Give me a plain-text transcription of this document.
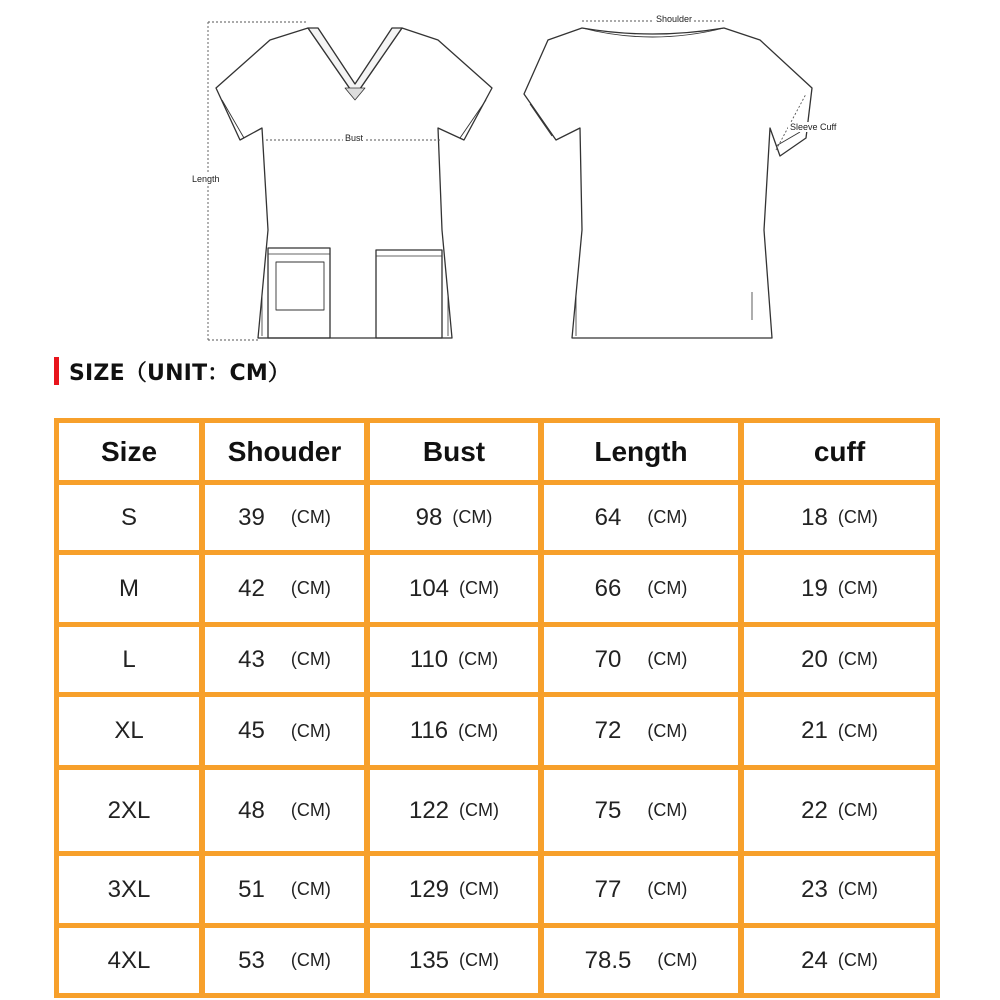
Bust
Length
Shoulder
Sleeve Cuff
SIZE（UNIT：CM）
Size	Shouder	Bust	Length	cuff
S	39 (CM)	98 (CM)	64 (CM)	18 (CM)
M	42 (CM)	104 (CM)	66 (CM)	19 (CM)
L	43 (CM)	110 (CM)	70 (CM)	20 (CM)
XL	45 (CM)	116 (CM)	72 (CM)	21 (CM)
2XL	48 (CM)	122 (CM)	75 (CM)	22 (CM)
3XL	51 (CM)	129 (CM)	77 (CM)	23 (CM)
4XL	53 (CM)	135 (CM)	78.5 (CM)	24 (CM)
